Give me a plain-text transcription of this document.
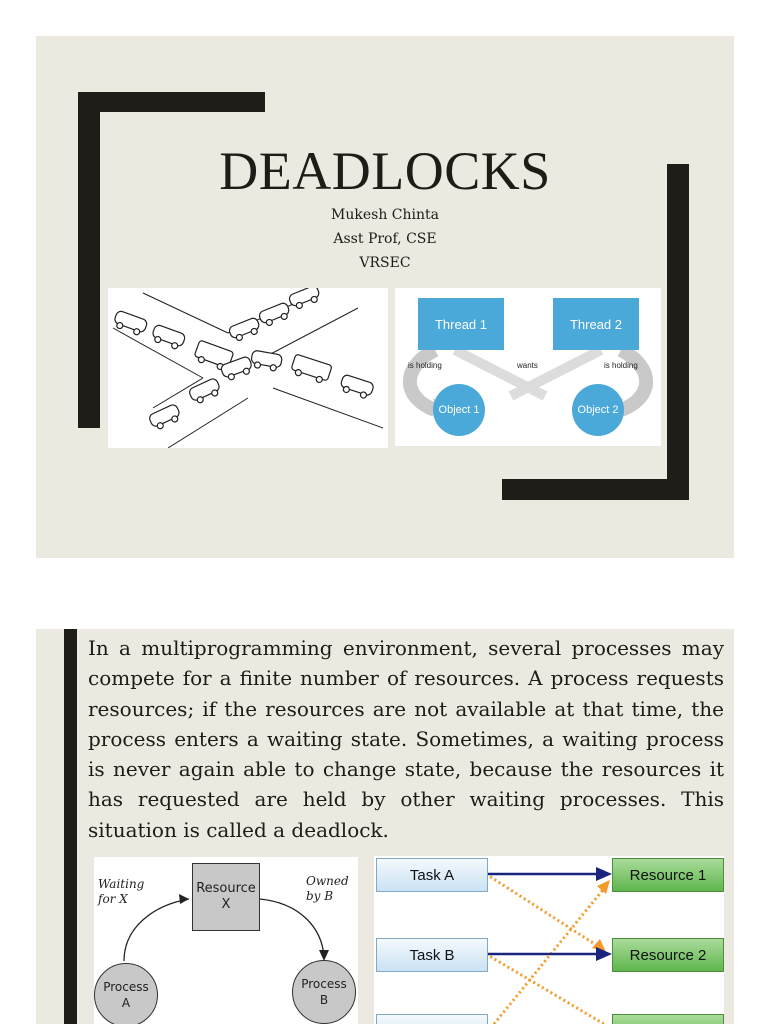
DEADLOCKS
Mukesh Chinta
Asst Prof, CSE
VRSEC
Thread 1	Thread 2
Object 1	Object 2
is holding	wants	is holding

In a multiprogramming environment, several processes may compete for a finite number of resources. A process requests resources; if the resources are not available at that time, the process enters a waiting state. Sometimes, a waiting process is never again able to change state, because the resources it has requested are held by other waiting processes. This situation is called a deadlock.

Waiting
for X
Owned
by B
Resource
X
Process
A
Process
B
Task A
Task B
Resource 1
Resource 2
